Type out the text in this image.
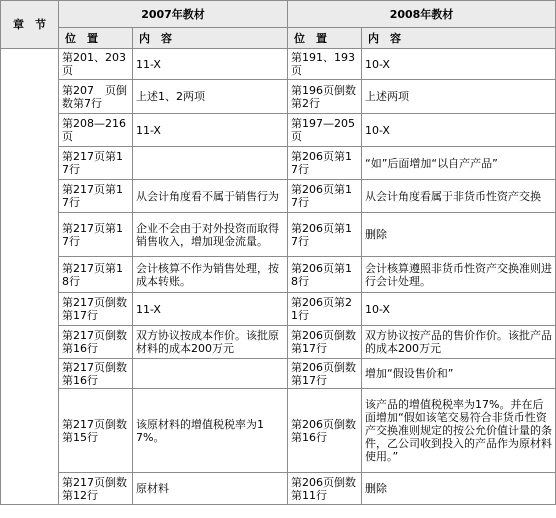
章　节	2007年教材		2008年教材	
	位　置	内　容	位　置	内　容
	第201、203页	11-X	第191、193页	10-X
	第207　页倒数第7行	上述1、2两项	第196页倒数第2行	上述两项
	第208—216页	11-X	第197—205页	10-X
	第217页第17行		第206页第17行	“如”后面增加“以自产产品”
	第217页第17行	从会计角度看不属于销售行为	第206页第17行	从会计角度看属于非货币性资产交换
	第217页第17行	企业不会由于对外投资而取得销售收入，增加现金流量。	第206页第17行	删除
	第217页第18行	会计核算不作为销售处理，按成本转账。	第206页第18行	会计核算遵照非货币性资产交换准则进行会计处理。
	第217页倒数第17行	11-X	第206页第21行	10-X
	第217页倒数第16行	双方协议按成本作价。该批原材料的成本200万元	第206页倒数第17行	双方协议按产品的售价作价。该批产品的成本200万元
	第217页倒数第16行		第206页倒数第17行	增加“假设售价和”
	第217页倒数第15行	该原材料的增值税税率为17%。	第206页倒数第16行	该产品的增值税税率为17%。并在后面增加“假如该笔交易符合非货币性资产交换准则规定的按公允价值计量的条件，乙公司收到投入的产品作为原材料使用。”
	第217页倒数第12行	原材料	第206页倒数第11行	删除
